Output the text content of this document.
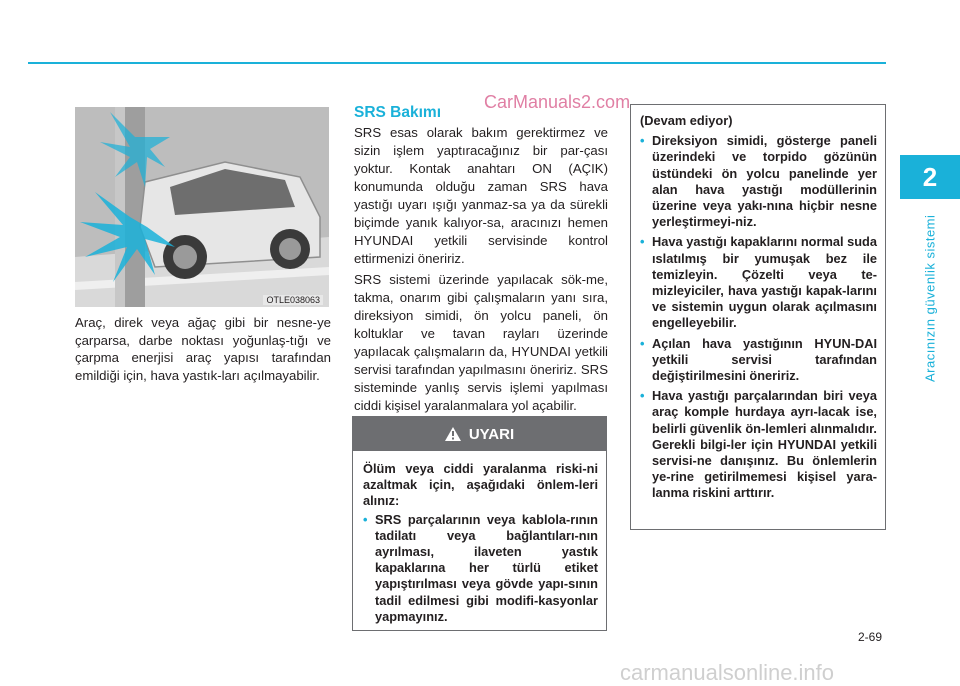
2
Aracınızın güvenlik sistemi
CarManuals2.com
OTLE038063
Araç, direk veya ağaç gibi bir nesne-ye çarparsa, darbe noktası yoğunlaş-tığı ve çarpma enerjisi araç yapısı tarafından emildiği için, hava yastık-ları açılmayabilir.
SRS Bakımı

SRS esas olarak bakım gerektirmez ve sizin işlem yaptıracağınız bir par-çası yoktur. Kontak anahtarı ON (AÇIK) konumunda olduğu zaman SRS hava yastığı uyarı ışığı yanmaz-sa ya da sürekli biçimde yanık kalıyor-sa, aracınızı hemen HYUNDAI yetkili servisinde kontrol ettirmenizi öneririz.

SRS sistemi üzerinde yapılacak sök-me, takma, onarım gibi çalışmaların yanı sıra, direksiyon simidi, ön yolcu paneli, ön koltuklar ve tavan rayları üzerinde yapılacak çalışmaların da, HYUNDAI yetkili servisi tarafından yapılmasını öneririz. SRS sisteminde yanlış servis işlemi yapılması ciddi kişisel yaralanmalara yol açabilir.

UYARI

Ölüm veya ciddi yaralanma riski-ni azaltmak için, aşağıdaki önlem-leri alınız:

• SRS parçalarının veya kablola-rının tadilatı veya bağlantıları-nın ayrılması, ilaveten yastık kapaklarına her türlü etiket yapıştırılması veya gövde yapı-sının tadil edilmesi gibi modifi-kasyonlar yapmayınız.

(Devam ediyor)

• Direksiyon simidi, gösterge paneli üzerindeki ve torpido gözünün üstündeki ön yolcu panelinde yer alan hava yastığı modüllerinin üzerine veya yakı-nına hiçbir nesne yerleştirmeyi-niz.
• Hava yastığı kapaklarını normal suda ıslatılmış bir yumuşak bez ile temizleyin. Çözelti veya te-mizleyiciler, hava yastığı kapak-larını ve sistemin uygun olarak açılmasını engelleyebilir.
• Açılan hava yastığının HYUN-DAI yetkili servisi tarafından değiştirilmesini öneririz.
• Hava yastığı parçalarından biri veya araç komple hurdaya ayrı-lacak ise, belirli güvenlik ön-lemleri alınmalıdır. Gerekli bilgi-ler için HYUNDAI yetkili servisi-ne danışınız. Bu önlemlerin ye-rine getirilmemesi kişisel yara-lanma riskini arttırır.
2-69
carmanualsonline.info
